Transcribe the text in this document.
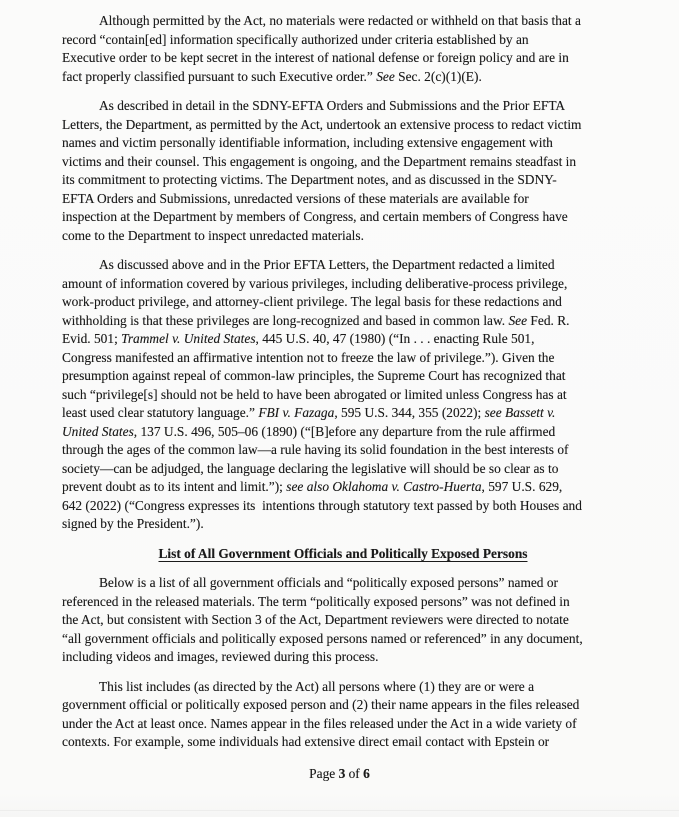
Although permitted by the Act, no materials were redacted or withheld on that basis that a
record “contain[ed] information specifically authorized under criteria established by an
Executive order to be kept secret in the interest of national defense or foreign policy and are in
fact properly classified pursuant to such Executive order.” See Sec. 2(c)(1)(E).
As described in detail in the SDNY-EFTA Orders and Submissions and the Prior EFTA
Letters, the Department, as permitted by the Act, undertook an extensive process to redact victim
names and victim personally identifiable information, including extensive engagement with
victims and their counsel. This engagement is ongoing, and the Department remains steadfast in
its commitment to protecting victims. The Department notes, and as discussed in the SDNY-
EFTA Orders and Submissions, unredacted versions of these materials are available for
inspection at the Department by members of Congress, and certain members of Congress have
come to the Department to inspect unredacted materials.
As discussed above and in the Prior EFTA Letters, the Department redacted a limited
amount of information covered by various privileges, including deliberative-process privilege,
work-product privilege, and attorney-client privilege. The legal basis for these redactions and
withholding is that these privileges are long-recognized and based in common law. See Fed. R.
Evid. 501; Trammel v. United States, 445 U.S. 40, 47 (1980) (“In . . . enacting Rule 501,
Congress manifested an affirmative intention not to freeze the law of privilege.”). Given the
presumption against repeal of common-law principles, the Supreme Court has recognized that
such “privilege[s] should not be held to have been abrogated or limited unless Congress has at
least used clear statutory language.” FBI v. Fazaga, 595 U.S. 344, 355 (2022); see Bassett v.
United States, 137 U.S. 496, 505–06 (1890) (“[B]efore any departure from the rule affirmed
through the ages of the common law—a rule having its solid foundation in the best interests of
society—can be adjudged, the language declaring the legislative will should be so clear as to
prevent doubt as to its intent and limit.”); see also Oklahoma v. Castro-Huerta, 597 U.S. 629,
642 (2022) (“Congress expresses its  intentions through statutory text passed by both Houses and
signed by the President.”).
List of All Government Officials and Politically Exposed Persons
Below is a list of all government officials and “politically exposed persons” named or
referenced in the released materials. The term “politically exposed persons” was not defined in
the Act, but consistent with Section 3 of the Act, Department reviewers were directed to notate
“all government officials and politically exposed persons named or referenced” in any document,
including videos and images, reviewed during this process.
This list includes (as directed by the Act) all persons where (1) they are or were a
government official or politically exposed person and (2) their name appears in the files released
under the Act at least once. Names appear in the files released under the Act in a wide variety of
contexts. For example, some individuals had extensive direct email contact with Epstein or
Page 3 of 6
